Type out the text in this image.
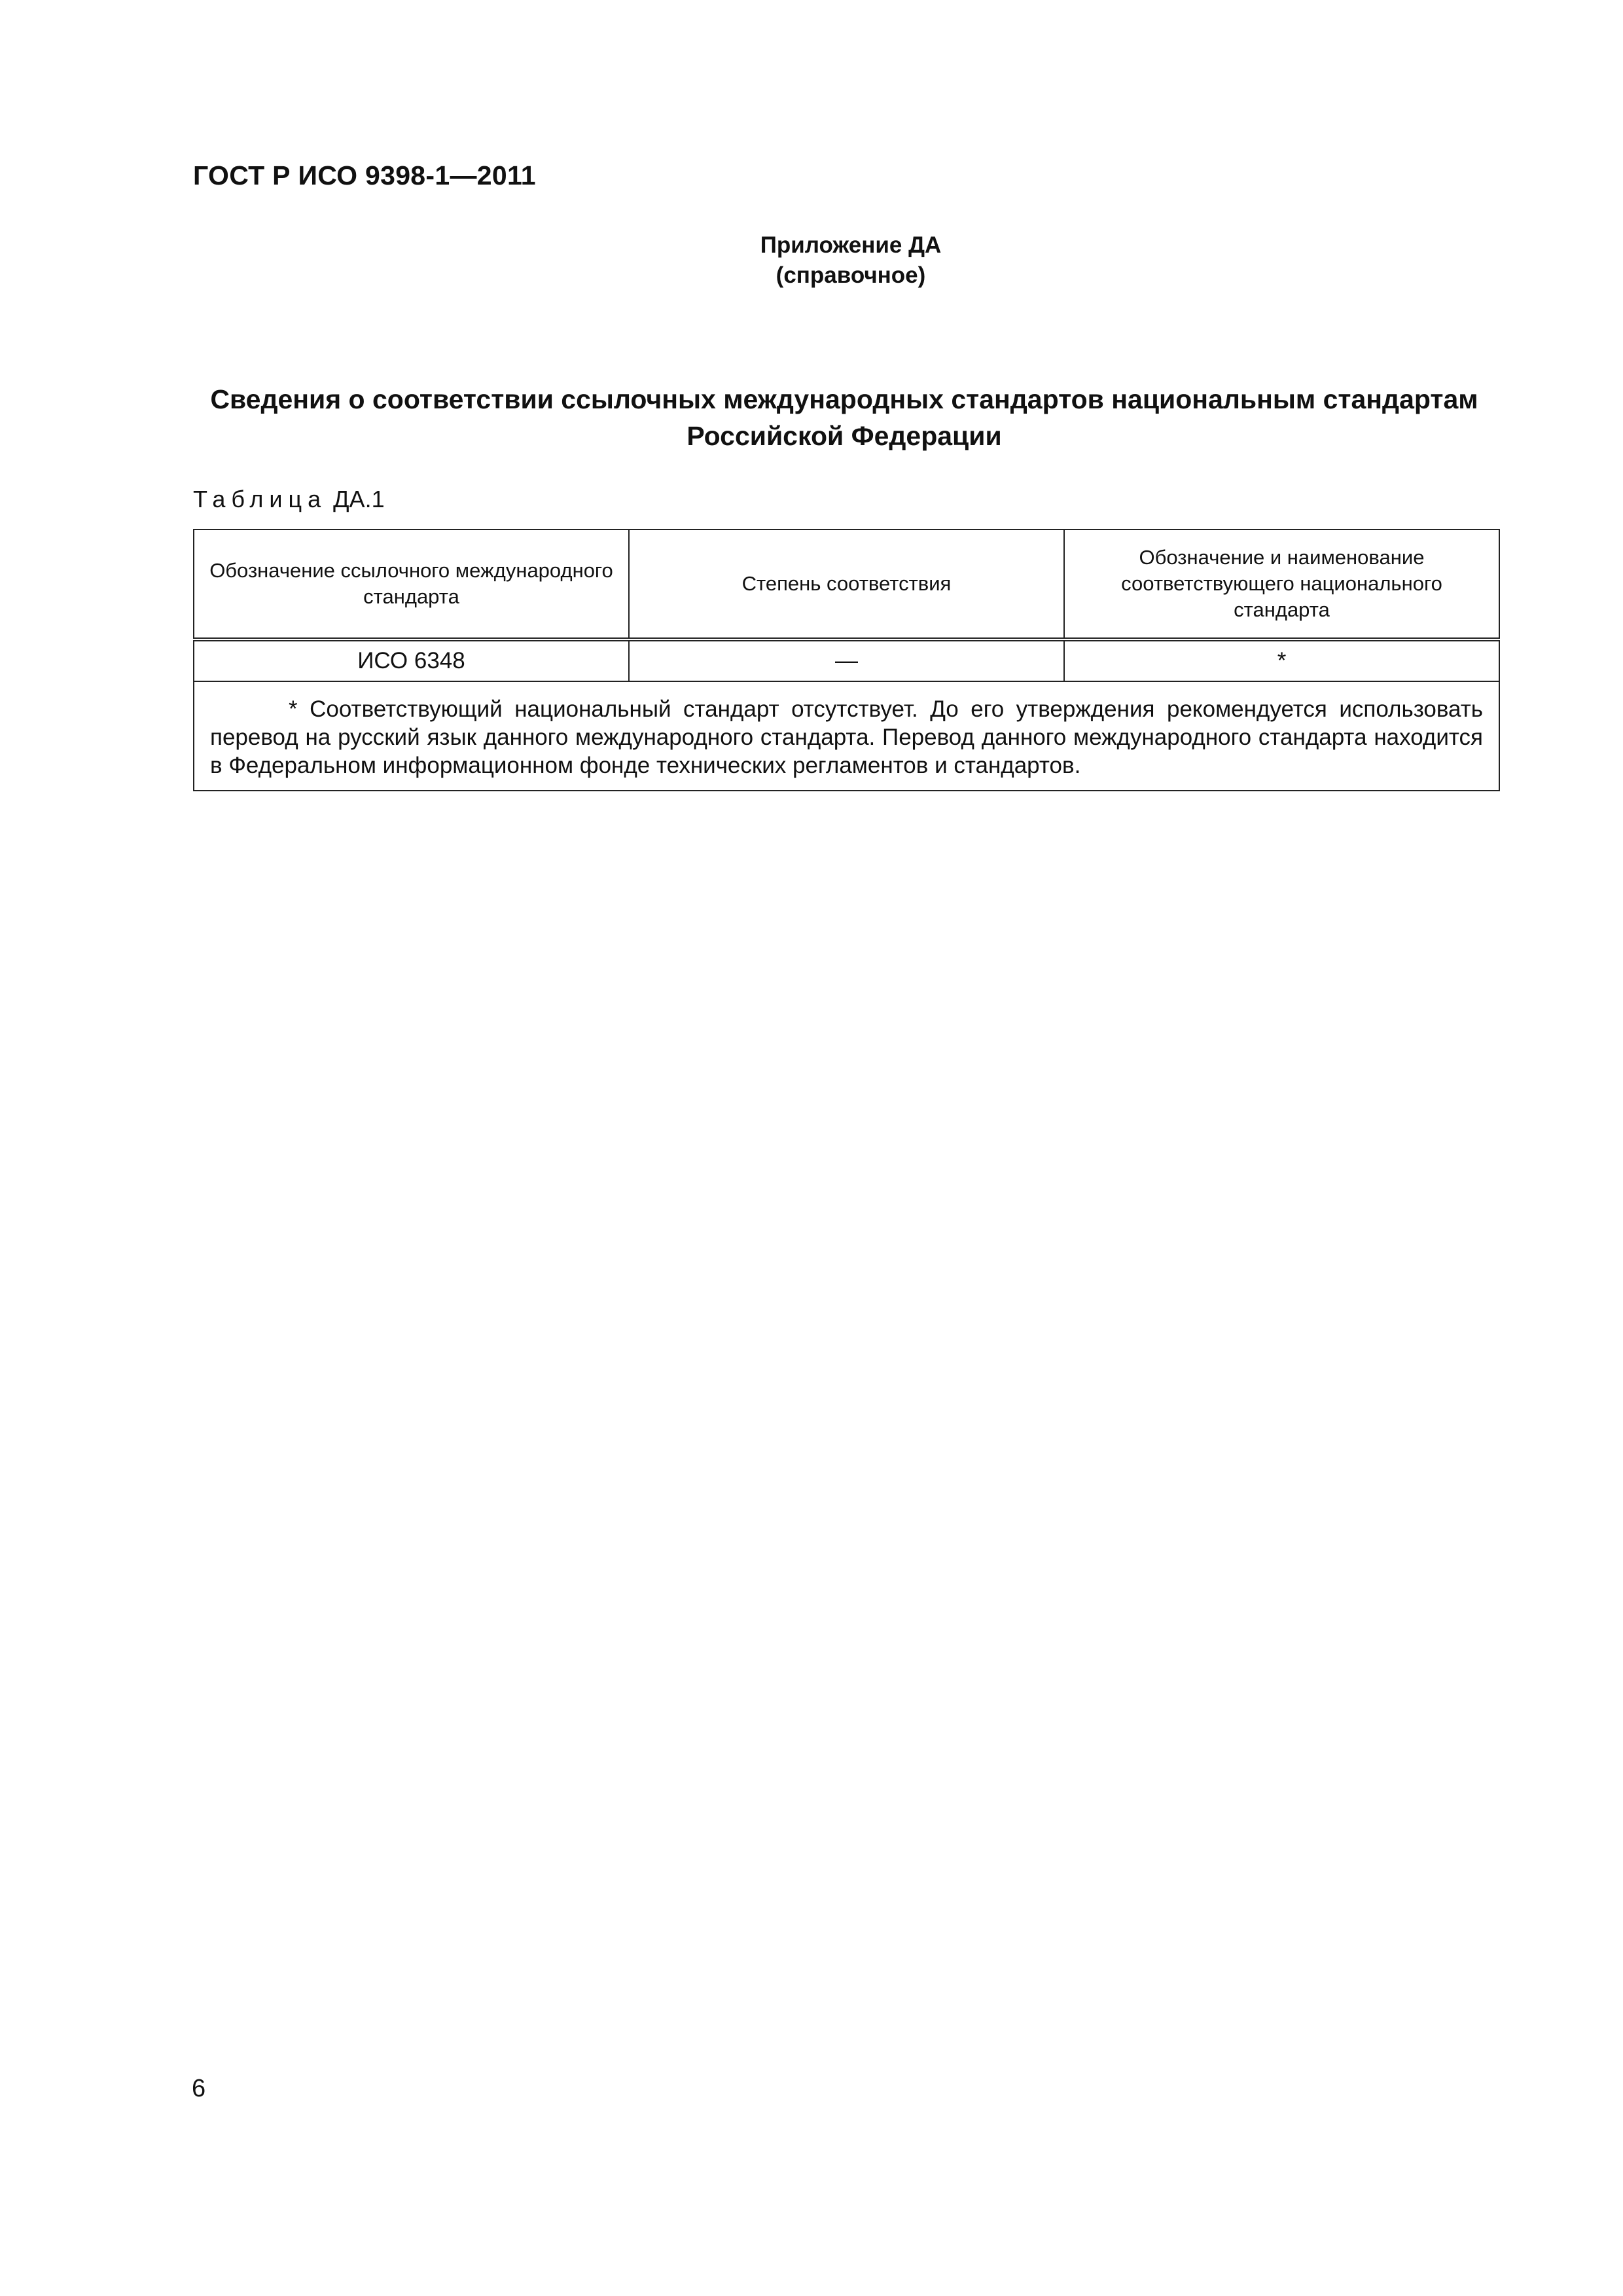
ГОСТ Р ИСО 9398-1—2011
Приложение ДА
(справочное)
Сведения о соответствии ссылочных международных стандартов национальным стандартам
Российской Федерации
Таблица ДА.1
Обозначение ссылочного международного стандарта	Степень соответствия	Обозначение и наименование соответствующего национального стандарта
ИСО 6348	—	*

* Соответствующий национальный стандарт отсутствует. До его утверждения рекомендуется использовать перевод на русский язык данного международного стандарта. Перевод данного международного стандарта находится в Федеральном информационном фонде технических регламентов и стандартов.		
6
